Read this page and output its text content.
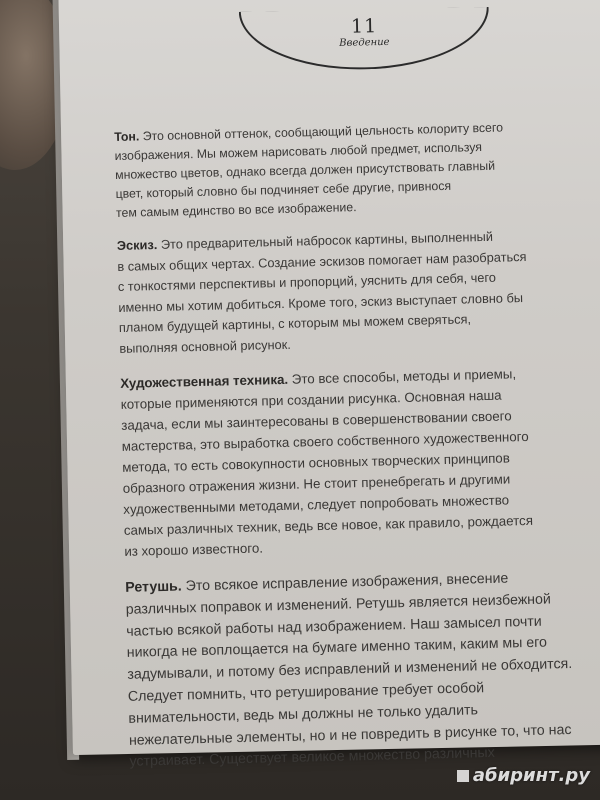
11
Введение
Тон. Это основной оттенок, сообщающий цельность колориту всего
изображения. Мы можем нарисовать любой предмет, используя
множество цветов, однако всегда должен присутствовать главный
цвет, который словно бы подчиняет себе другие, привнося
тем самым единство во все изображение.
Эскиз. Это предварительный набросок картины, выполненный
в самых общих чертах. Создание эскизов помогает нам разобраться
с тонкостями перспективы и пропорций, уяснить для себя, чего
именно мы хотим добиться. Кроме того, эскиз выступает словно бы
планом будущей картины, с которым мы можем сверяться,
выполняя основной рисунок.
Художественная техника. Это все способы, методы и приемы,
которые применяются при создании рисунка. Основная наша
задача, если мы заинтересованы в совершенствовании своего
мастерства, это выработка своего собственного художественного
метода, то есть совокупности основных творческих принципов
образного отражения жизни. Не стоит пренебрегать и другими
художественными методами, следует попробовать множество
самых различных техник, ведь все новое, как правило, рождается
из хорошо известного.
Ретушь. Это всякое исправление изображения, внесение
различных поправок и изменений. Ретушь является неизбежной
частью всякой работы над изображением. Наш замысел почти
никогда не воплощается на бумаге именно таким, каким мы его
задумывали, и потому без исправлений и изменений не обходится.
Следует помнить, что ретуширование требует особой
внимательности, ведь мы должны не только удалить
нежелательные элементы, но и не повредить в рисунке то, что нас
устраивает. Существует великое множество различных
абиринт.ру
